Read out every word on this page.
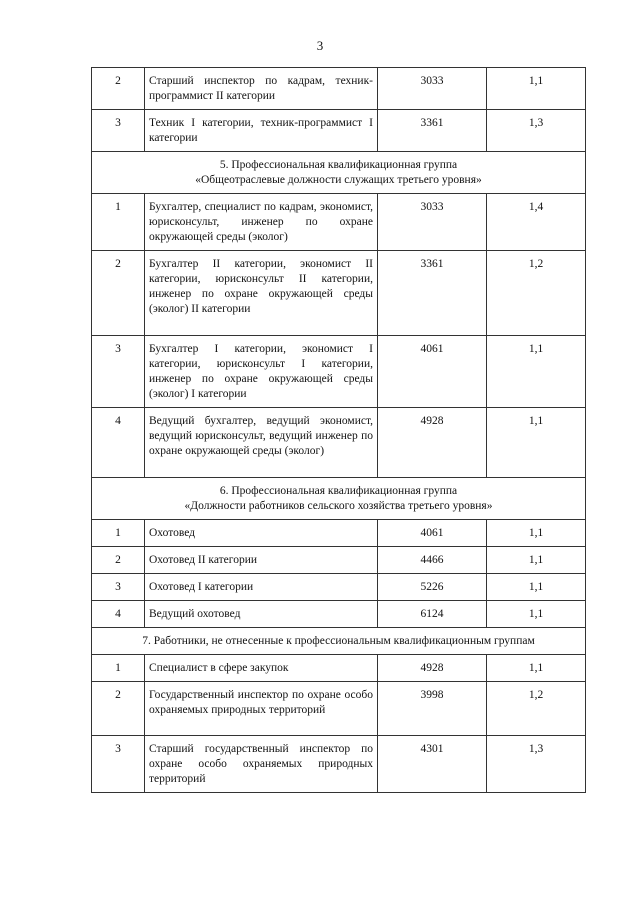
3
2	Старший инспектор по кадрам, техник-программист II категории	3033	1,1
3	Техник I категории, техник-программист I категории	3361	1,3

5. Профессиональная квалификационная группа
«Общеотраслевые должности служащих третьего уровня»			

1	Бухгалтер, специалист по кадрам, экономист, юрисконсульт, инженер по охране окружающей среды (эколог)	3033	1,4
2	Бухгалтер II категории, экономист II категории, юрисконсульт II категории, инженер по охране окружающей среды (эколог) II категории	3361	1,2
3	Бухгалтер I категории, экономист I категории, юрисконсульт I категории, инженер по охране окружающей среды (эколог) I категории	4061	1,1
4	Ведущий бухгалтер, ведущий экономист, ведущий юрисконсульт, ведущий инженер по охране окружающей среды (эколог)	4928	1,1

6. Профессиональная квалификационная группа
«Должности работников сельского хозяйства третьего уровня»			

1	Охотовед	4061	1,1
2	Охотовед II категории	4466	1,1
3	Охотовед I категории	5226	1,1
4	Ведущий охотовед	6124	1,1

7. Работники, не отнесенные к профессиональным квалификационным группам			

1	Специалист в сфере закупок	4928	1,1
2	Государственный инспектор по охране особо охраняемых природных территорий	3998	1,2
3	Старший государственный инспектор по охране особо охраняемых природных территорий	4301	1,3
